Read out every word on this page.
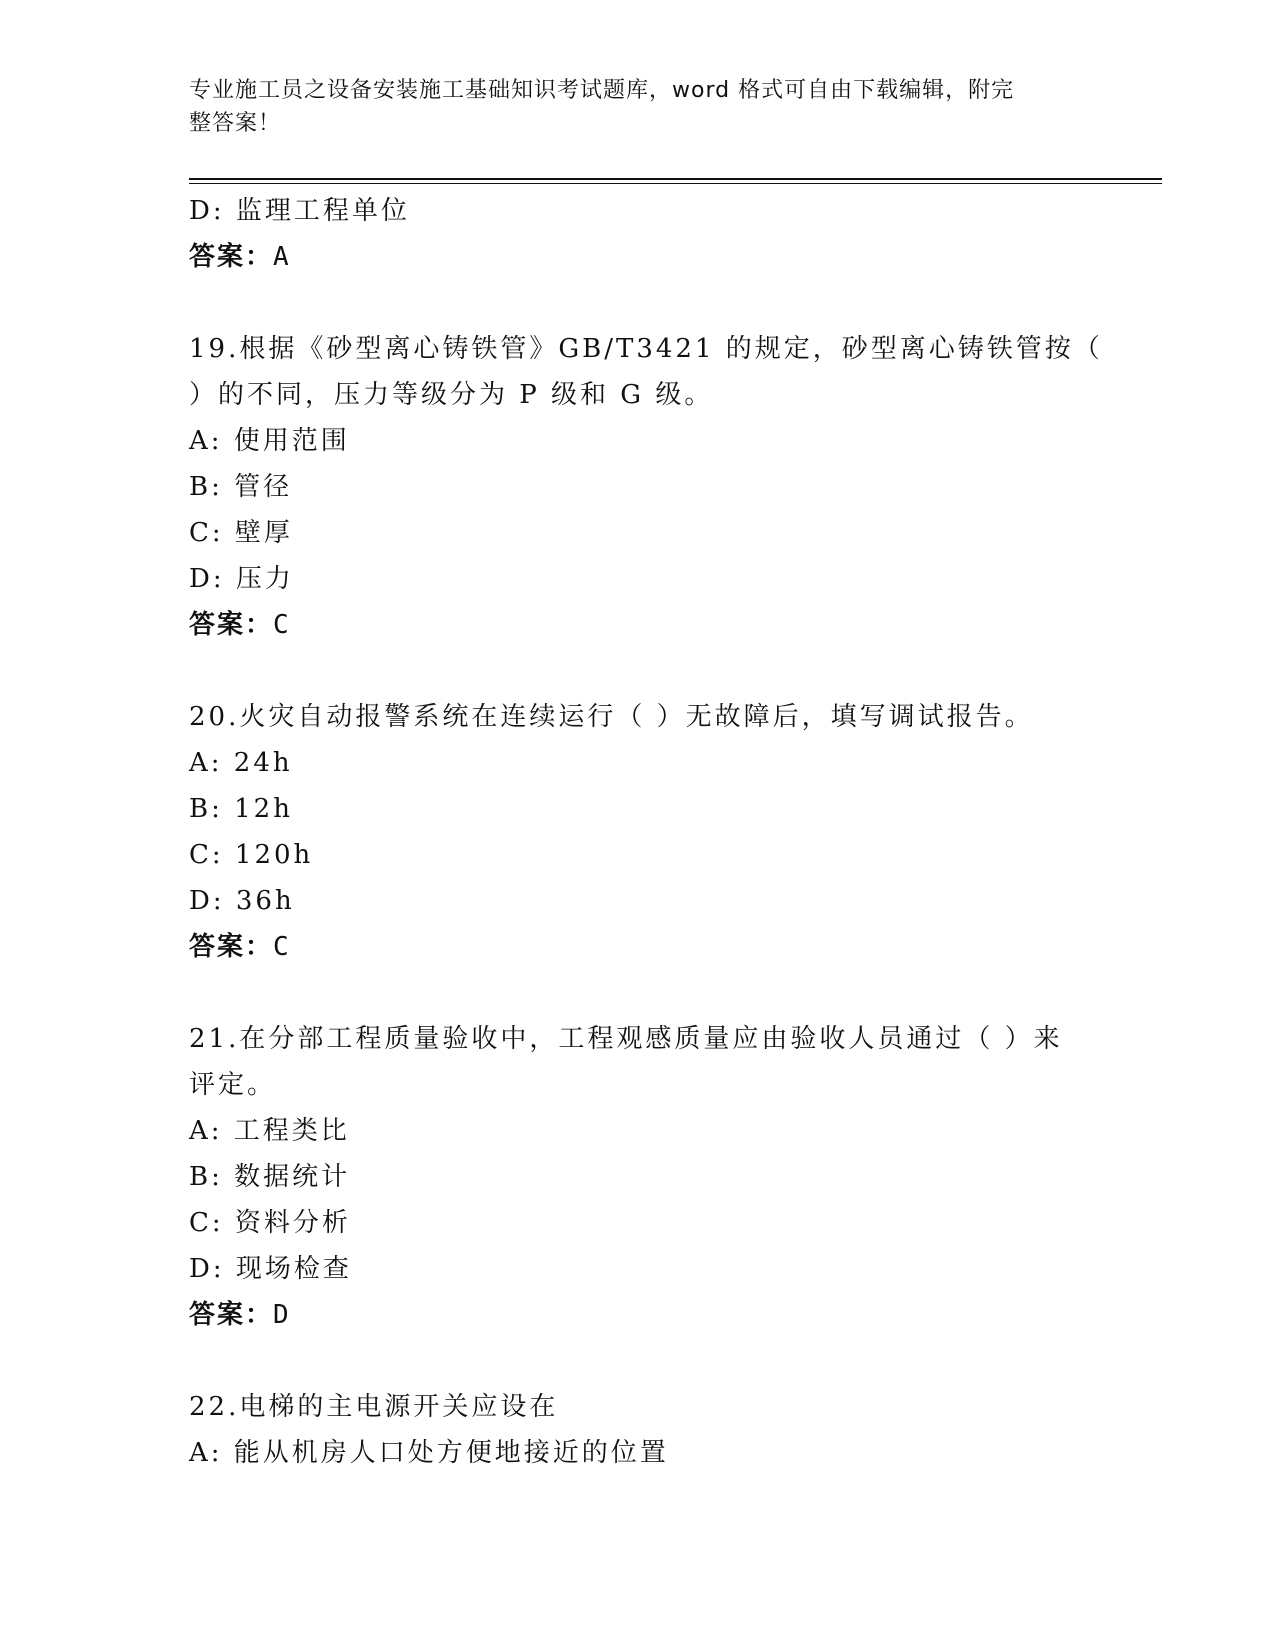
专业施工员之设备安装施工基础知识考试题库，word 格式可自由下载编辑，附完
整答案！
D: 监理工程单位
答案：A
19.根据《砂型离心铸铁管》GB/T3421 的规定，砂型离心铸铁管按（
）的不同，压力等级分为 P 级和 G 级。
A: 使用范围
B: 管径
C: 壁厚
D: 压力
答案：C
20.火灾自动报警系统在连续运行（ ）无故障后，填写调试报告。
A: 24h
B: 12h
C: 120h
D: 36h
答案：C
21.在分部工程质量验收中，工程观感质量应由验收人员通过（ ）来
评定。
A: 工程类比
B: 数据统计
C: 资料分析
D: 现场检查
答案：D
22.电梯的主电源开关应设在
A: 能从机房人口处方便地接近的位置
